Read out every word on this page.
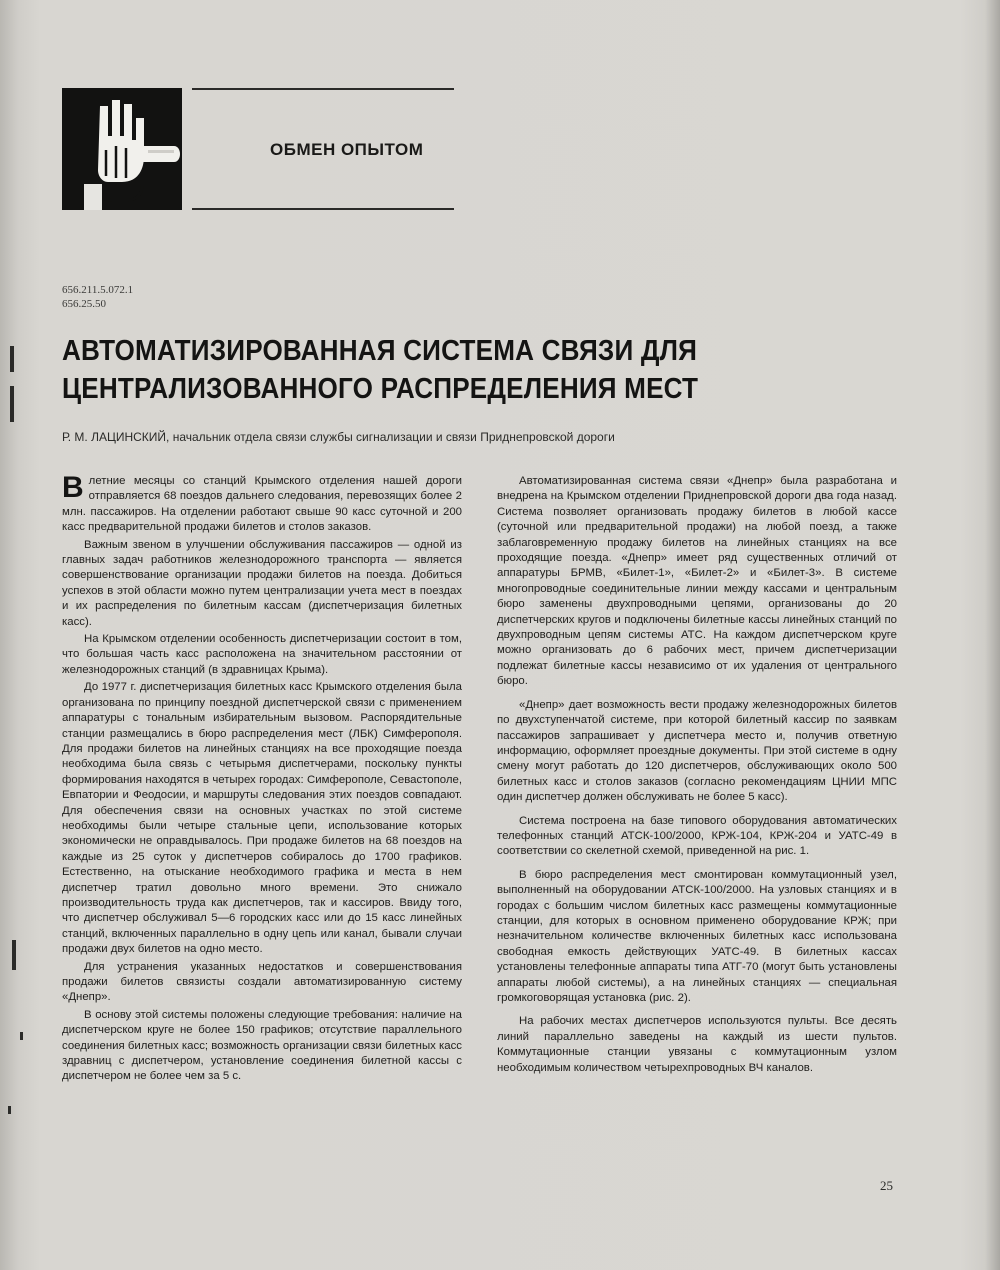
ОБМЕН ОПЫТОМ
656.211.5.072.1
656.25.50
АВТОМАТИЗИРОВАННАЯ СИСТЕМА СВЯЗИ ДЛЯ ЦЕНТРАЛИЗОВАННОГО РАСПРЕДЕЛЕНИЯ МЕСТ
Р. М. ЛАЦИНСКИЙ, начальник отдела связи службы сигнализации и связи Приднепровской дороги

Влетние месяцы со станций Крымского отделения нашей дороги отправляется 68 поездов дальнего следования, перевозящих более 2 млн. пассажиров. На отделении работают свыше 90 касс суточной и 200 касс предварительной продажи билетов и столов заказов.

Важным звеном в улучшении обслуживания пассажиров — одной из главных задач работников железнодорожного транспорта — является совершенствование организации продажи билетов на поезда. Добиться успехов в этой области можно путем централизации учета мест в поездах и их распределения по билетным кассам (диспетчеризация билетных касс).

На Крымском отделении особенность диспетчеризации состоит в том, что большая часть касс расположена на значительном расстоянии от железнодорожных станций (в здравницах Крыма).

До 1977 г. диспетчеризация билетных касс Крымского отделения была организована по принципу поездной диспетчерской связи с применением аппаратуры с тональным избирательным вызовом. Распорядительные станции размещались в бюро распределения мест (ЛБК) Симферополя. Для продажи билетов на линейных станциях на все проходящие поезда необходима была связь с четырьмя диспетчерами, поскольку пункты формирования находятся в четырех городах: Симферополе, Севастополе, Евпатории и Феодосии, и маршруты следования этих поездов совпадают. Для обеспечения связи на основных участках по этой системе необходимы были четыре стальные цепи, использование которых экономически не оправдывалось. При продаже билетов на 68 поездов на каждые из 25 суток у диспетчеров собиралось до 1700 графиков. Естественно, на отыскание необходимого графика и места в нем диспетчер тратил довольно много времени. Это снижало производительность труда как диспетчеров, так и кассиров. Ввиду того, что диспетчер обслуживал 5—6 городских касс или до 15 касс линейных станций, включенных параллельно в одну цепь или канал, бывали случаи продажи двух билетов на одно место.

Для устранения указанных недостатков и совершенствования продажи билетов связисты создали автоматизированную систему «Днепр».

В основу этой системы положены следующие требования: наличие на диспетчерском круге не более 150 графиков; отсутствие параллельного соединения билетных касс; возможность организации связи билетных касс здравниц с диспетчером, установление соединения билетной кассы с диспетчером не более чем за 5 с.

Автоматизированная система связи «Днепр» была разработана и внедрена на Крымском отделении Приднепровской дороги два года назад. Система позволяет организовать продажу билетов в любой кассе (суточной или предварительной продажи) на любой поезд, а также заблаговременную продажу билетов на линейных станциях на все проходящие поезда. «Днепр» имеет ряд существенных отличий от аппаратуры БРМВ, «Билет-1», «Билет-2» и «Билет-3». В системе многопроводные соединительные линии между кассами и центральным бюро заменены двухпроводными цепями, организованы до 20 диспетчерских кругов и подключены билетные кассы линейных станций по двухпроводным цепям системы АТС. На каждом диспетчерском круге можно организовать до 6 рабочих мест, причем диспетчеризации подлежат билетные кассы независимо от их удаления от центрального бюро.

«Днепр» дает возможность вести продажу железнодорожных билетов по двухступенчатой системе, при которой билетный кассир по заявкам пассажиров запрашивает у диспетчера место и, получив ответную информацию, оформляет проездные документы. При этой системе в одну смену могут работать до 120 диспетчеров, обслуживающих около 500 билетных касс и столов заказов (согласно рекомендациям ЦНИИ МПС один диспетчер должен обслуживать не более 5 касс).

Система построена на базе типового оборудования автоматических телефонных станций АТСК-100/2000, КРЖ-104, КРЖ-204 и УАТС-49 в соответствии со скелетной схемой, приведенной на рис. 1.

В бюро распределения мест смонтирован коммутационный узел, выполненный на оборудовании АТСК-100/2000. На узловых станциях и в городах с большим числом билетных касс размещены коммутационные станции, для которых в основном применено оборудование КРЖ; при незначительном количестве включенных билетных касс использована свободная емкость действующих УАТС-49. В билетных кассах установлены телефонные аппараты типа АТГ-70 (могут быть установлены аппараты любой системы), а на линейных станциях — специальная громкоговорящая установка (рис. 2).

На рабочих местах диспетчеров используются пульты. Все десять линий параллельно заведены на каждый из шести пультов. Коммутационные станции увязаны с коммутационным узлом необходимым количеством четырехпроводных ВЧ каналов.

25
